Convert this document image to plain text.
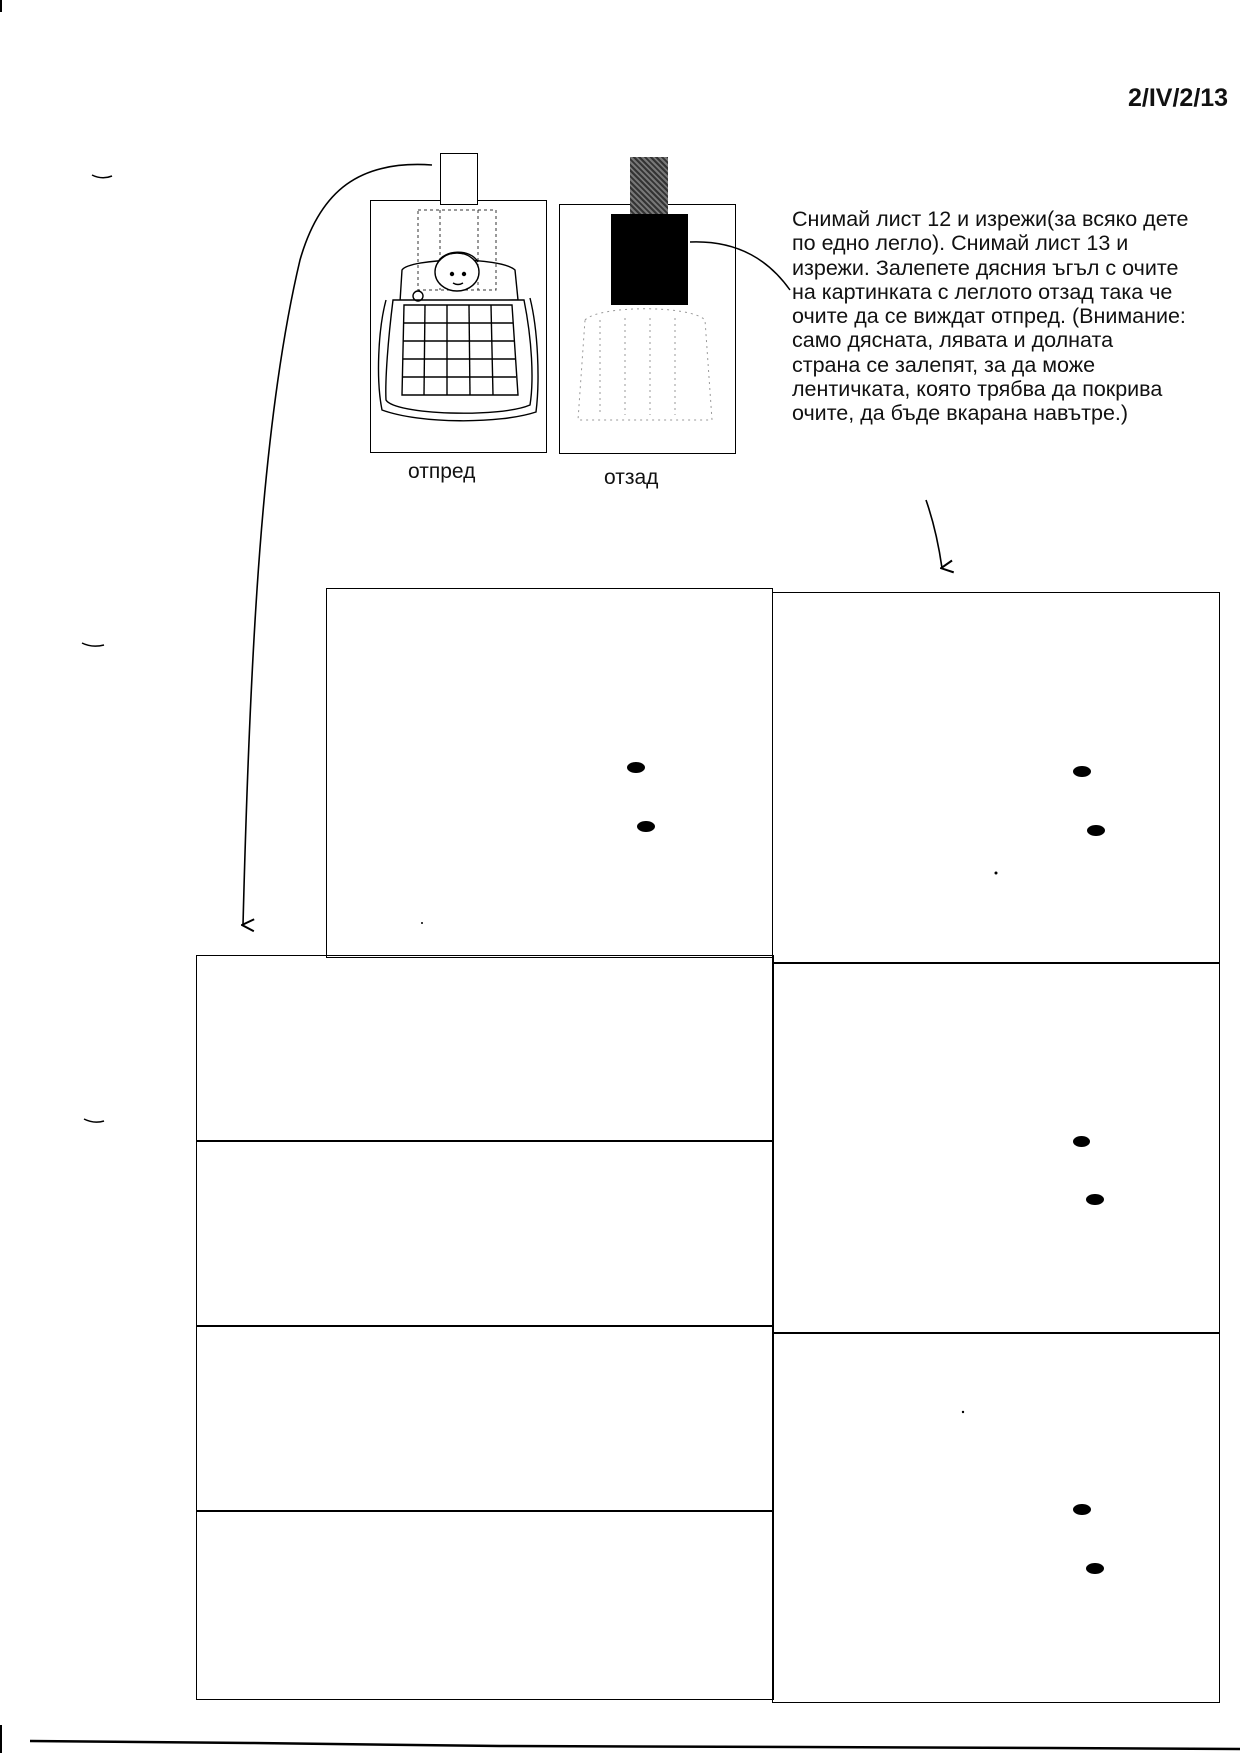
2/IV/2/13
Снимай лист 12 и изрежи(за всяко дете
по едно легло). Снимай лист 13 и
изрежи. Залепете дясния ъгъл с очите
на картинката с леглото отзад така че
очите да се виждат отпред. (Внимание:
само дясната, лявата и долната
страна се залепят, за да може
лентичката, която трябва да покрива
очите, да бъде вкарана навътре.)
отпред	отзад
